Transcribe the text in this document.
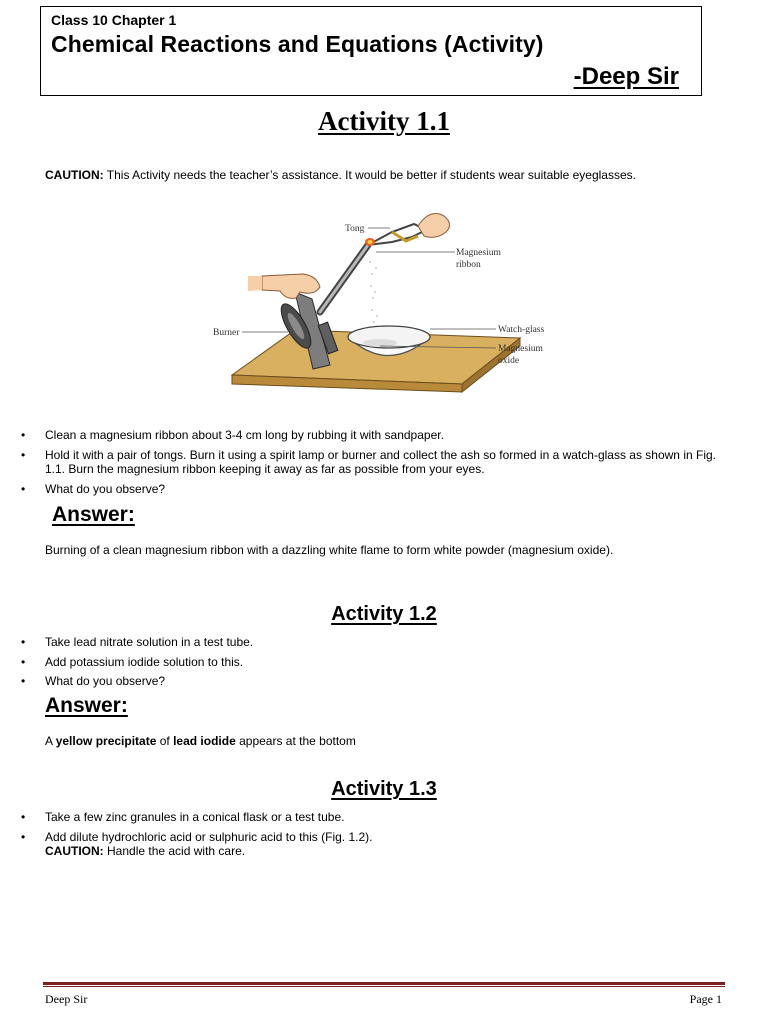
Class 10 Chapter 1
Chemical Reactions and Equations (Activity)
-Deep Sir
Activity 1.1
CAUTION: This Activity needs the teacher’s assistance. It would be better if students wear suitable eyeglasses.
Tong
Magnesium
ribbon
Burner	Watch-glass
Magnesium
oxide
• Clean a magnesium ribbon about 3-4 cm long by rubbing it with sandpaper.
• Hold it with a pair of tongs. Burn it using a spirit lamp or burner and collect the ash so formed in a watch-glass as shown in Fig. 1.1. Burn the magnesium ribbon keeping it away as far as possible from your eyes.
• What do you observe?
Answer:
Burning of a clean magnesium ribbon with a dazzling white flame to form white powder (magnesium oxide).
Activity 1.2
• Take lead nitrate solution in a test tube.
• Add potassium iodide solution to this.
• What do you observe?
Answer:
A yellow precipitate of lead iodide appears at the bottom
Activity 1.3
• Take a few zinc granules in a conical flask or a test tube.
• Add dilute hydrochloric acid or sulphuric acid to this (Fig. 1.2).
CAUTION: Handle the acid with care.
Deep Sir	Page 1
